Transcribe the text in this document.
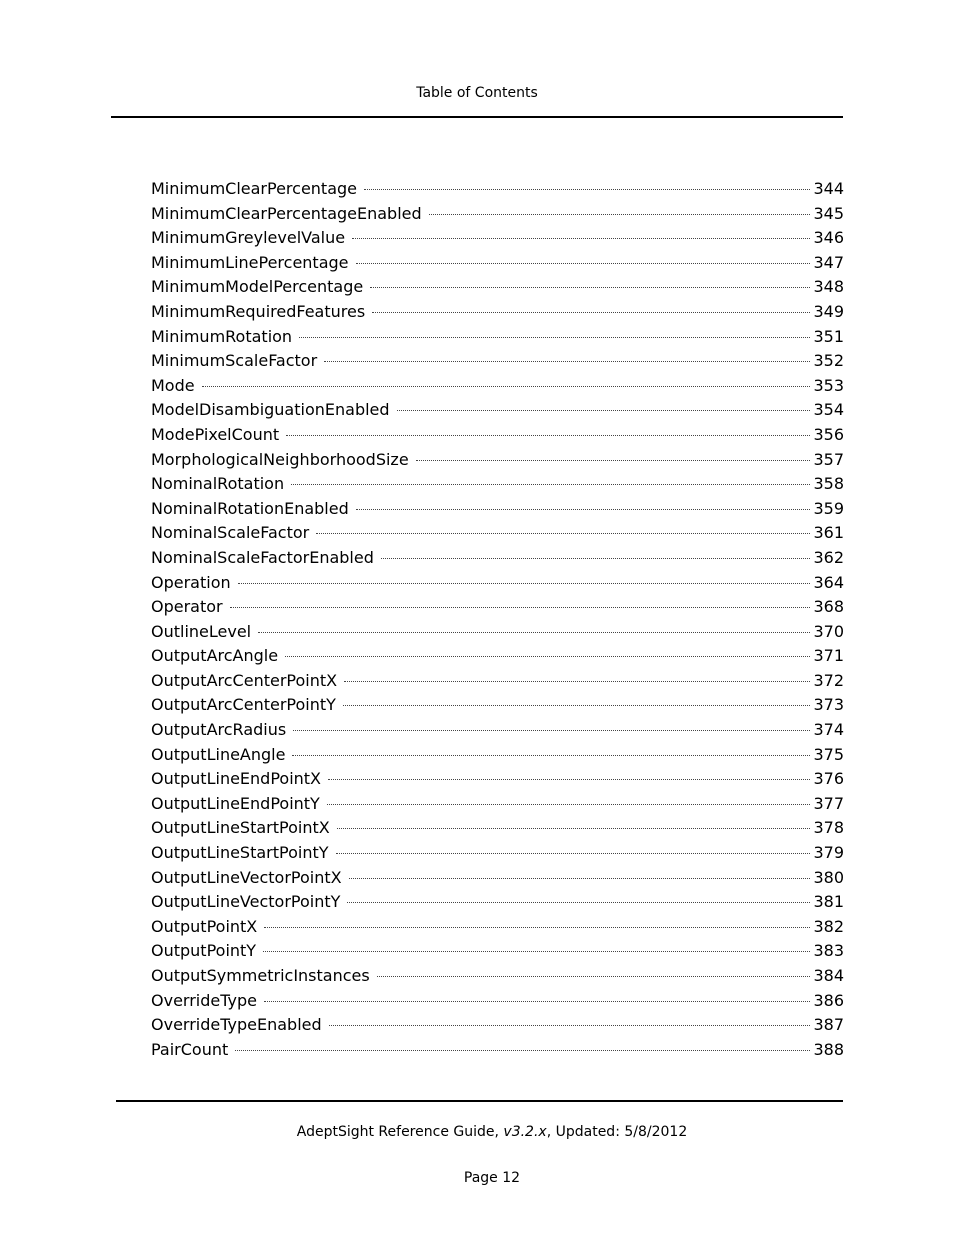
Table of Contents
MinimumClearPercentage	344
MinimumClearPercentageEnabled	345
MinimumGreylevelValue	346
MinimumLinePercentage	347
MinimumModelPercentage	348
MinimumRequiredFeatures	349
MinimumRotation	351
MinimumScaleFactor	352
Mode	353
ModelDisambiguationEnabled	354
ModePixelCount	356
MorphologicalNeighborhoodSize	357
NominalRotation	358
NominalRotationEnabled	359
NominalScaleFactor	361
NominalScaleFactorEnabled	362
Operation	364
Operator	368
OutlineLevel	370
OutputArcAngle	371
OutputArcCenterPointX	372
OutputArcCenterPointY	373
OutputArcRadius	374
OutputLineAngle	375
OutputLineEndPointX	376
OutputLineEndPointY	377
OutputLineStartPointX	378
OutputLineStartPointY	379
OutputLineVectorPointX	380
OutputLineVectorPointY	381
OutputPointX	382
OutputPointY	383
OutputSymmetricInstances	384
OverrideType	386
OverrideTypeEnabled	387
PairCount	388
AdeptSight Reference Guide, v3.2.x, Updated: 5/8/2012
Page 12
